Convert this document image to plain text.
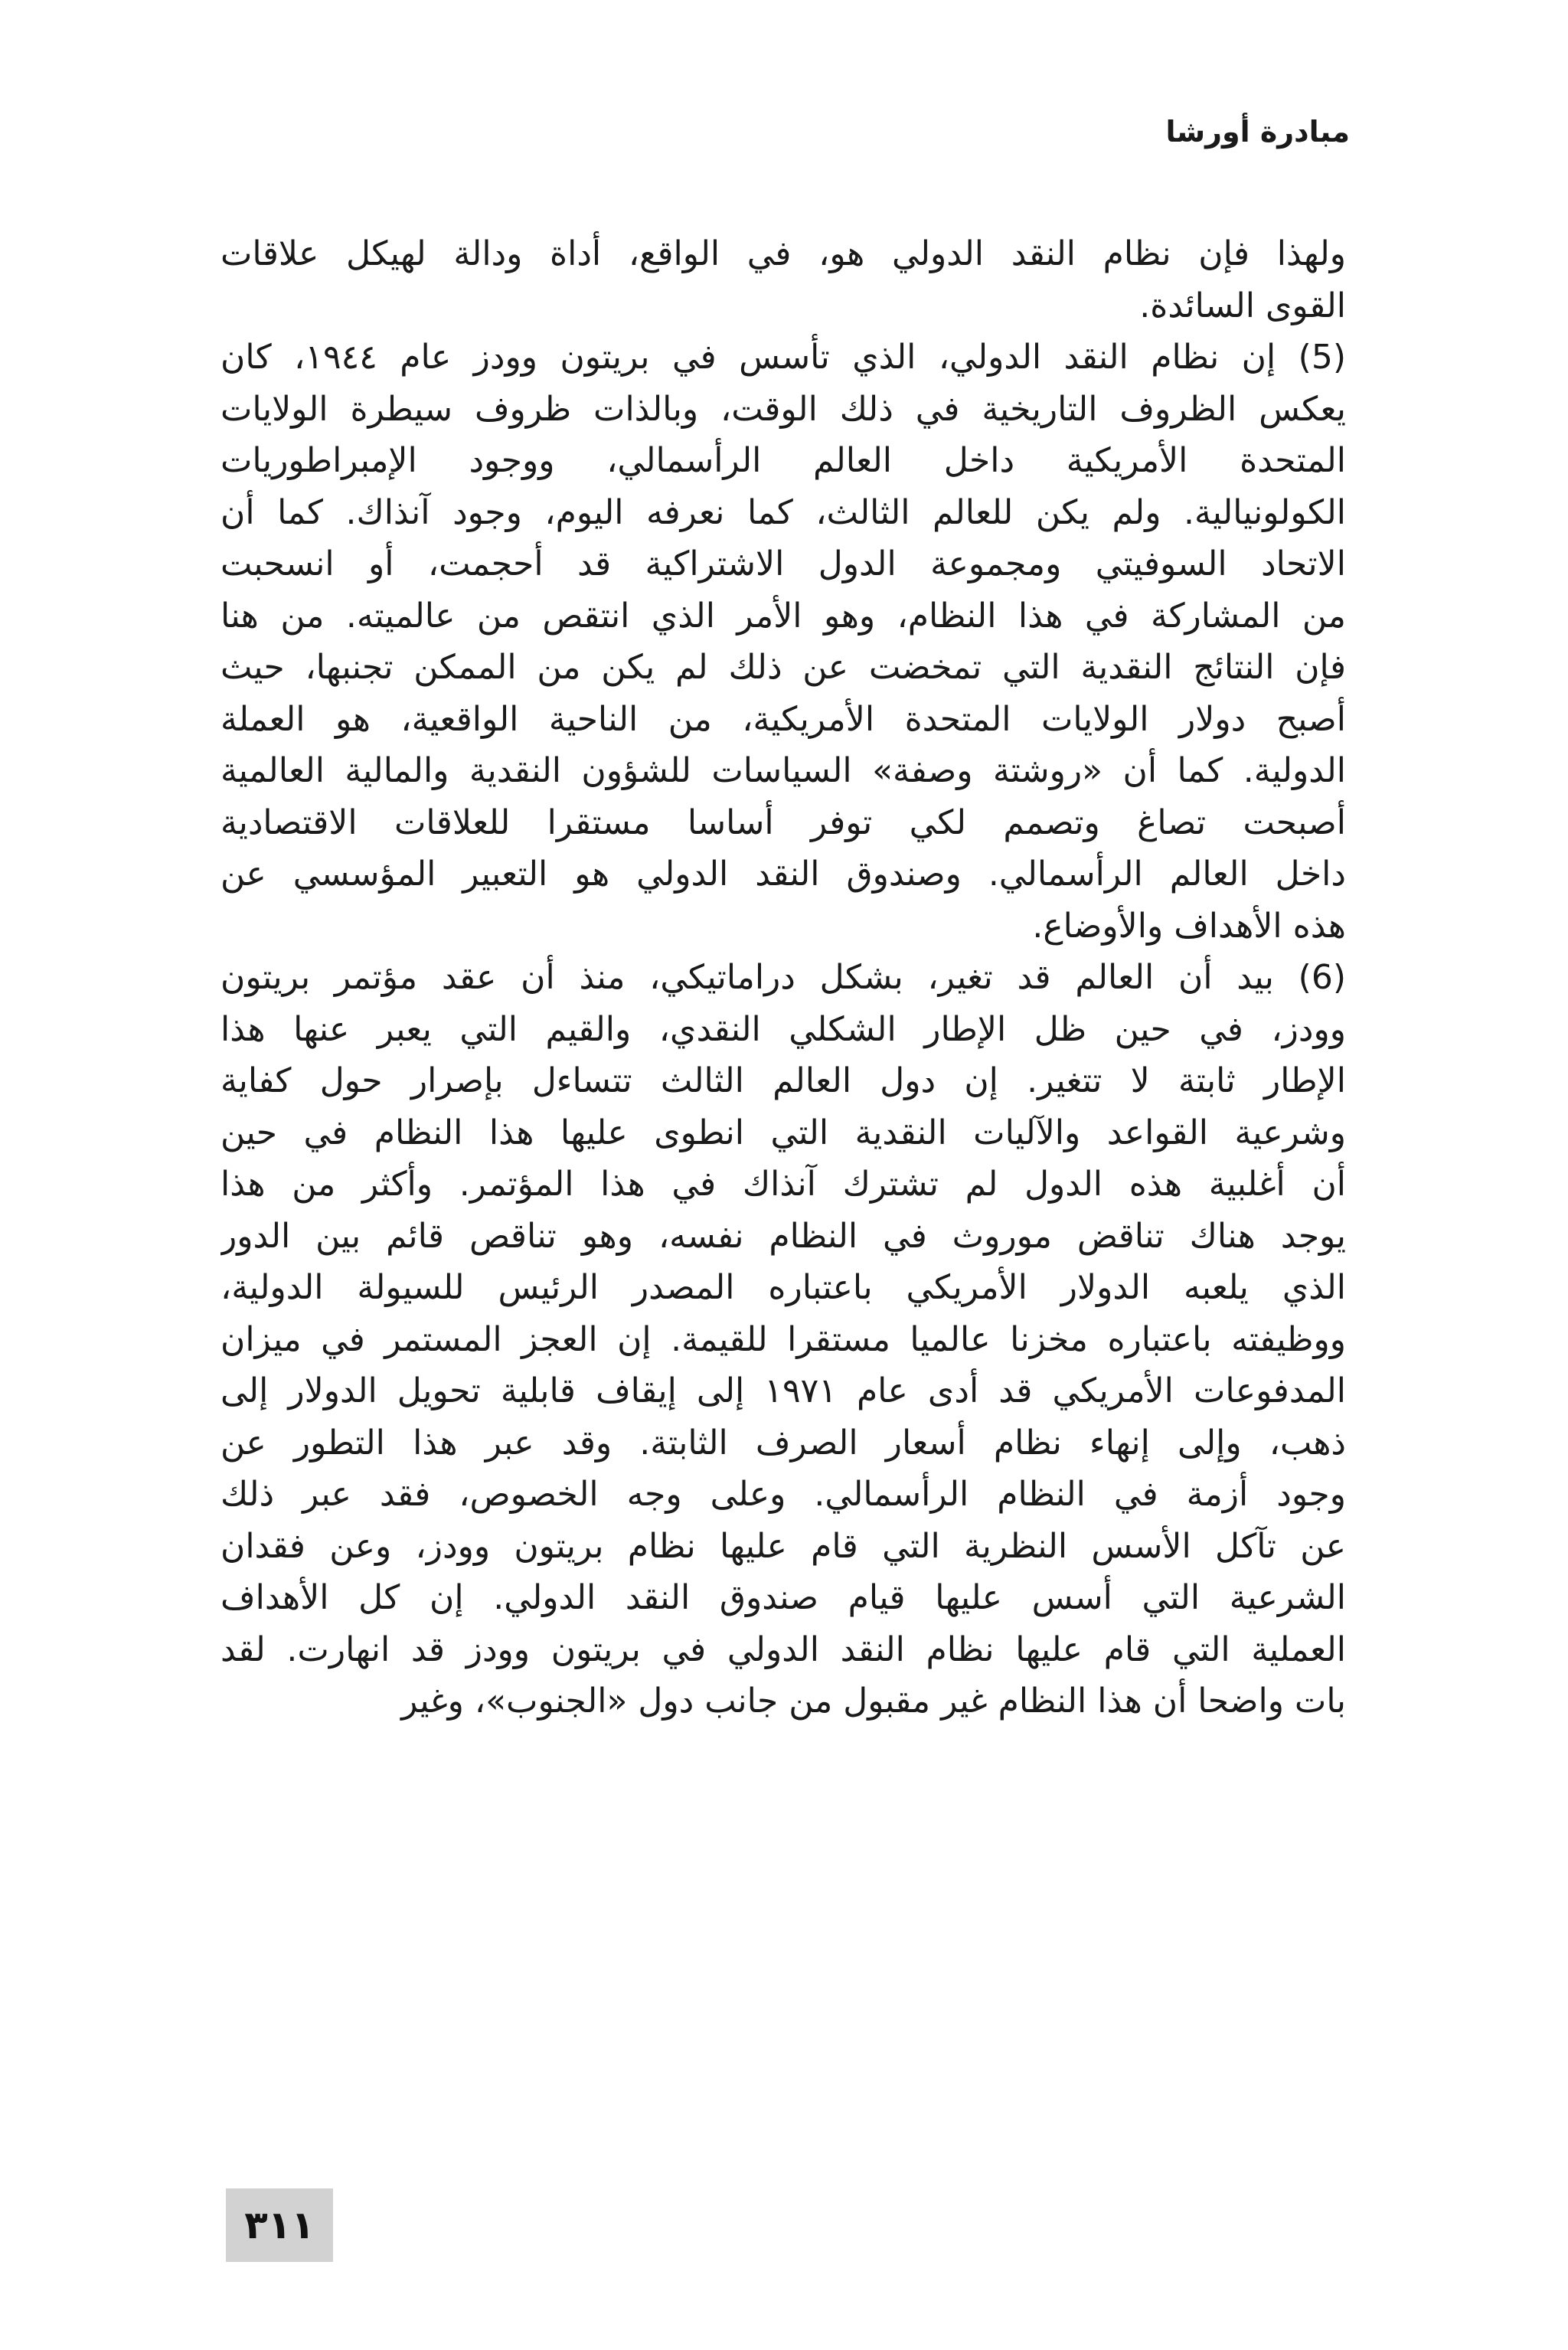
مبادرة أورشا
ولهذا فإن نظام النقد الدولي هو، في الواقع، أداة ودالة لهيكل علاقات
القوى السائدة.
(5) إن نظام النقد الدولي، الذي تأسس في بريتون وودز عام ١٩٤٤، كان
يعكس الظروف التاريخية في ذلك الوقت، وبالذات ظروف سيطرة الولايات
المتحدة الأمريكية داخل العالم الرأسمالي، ووجود الإمبراطوريات
الكولونيالية. ولم يكن للعالم الثالث، كما نعرفه اليوم، وجود آنذاك. كما أن
الاتحاد السوفيتي ومجموعة الدول الاشتراكية قد أحجمت، أو انسحبت
من المشاركة في هذا النظام، وهو الأمر الذي انتقص من عالميته. من هنا
فإن النتائج النقدية التي تمخضت عن ذلك لم يكن من الممكن تجنبها، حيث
أصبح دولار الولايات المتحدة الأمريكية، من الناحية الواقعية، هو العملة
الدولية. كما أن «روشتة وصفة» السياسات للشؤون النقدية والمالية العالمية
أصبحت تصاغ وتصمم لكي توفر أساسا مستقرا للعلاقات الاقتصادية
داخل العالم الرأسمالي. وصندوق النقد الدولي هو التعبير المؤسسي عن
هذه الأهداف والأوضاع.
(6) بيد أن العالم قد تغير، بشكل دراماتيكي، منذ أن عقد مؤتمر بريتون
وودز، في حين ظل الإطار الشكلي النقدي، والقيم التي يعبر عنها هذا
الإطار ثابتة لا تتغير. إن دول العالم الثالث تتساءل بإصرار حول كفاية
وشرعية القواعد والآليات النقدية التي انطوى عليها هذا النظام في حين
أن أغلبية هذه الدول لم تشترك آنذاك في هذا المؤتمر. وأكثر من هذا
يوجد هناك تناقض موروث في النظام نفسه، وهو تناقص قائم بين الدور
الذي يلعبه الدولار الأمريكي باعتباره المصدر الرئيس للسيولة الدولية،
ووظيفته باعتباره مخزنا عالميا مستقرا للقيمة. إن العجز المستمر في ميزان
المدفوعات الأمريكي قد أدى عام ١٩٧١ إلى إيقاف قابلية تحويل الدولار إلى
ذهب، وإلى إنهاء نظام أسعار الصرف الثابتة. وقد عبر هذا التطور عن
وجود أزمة في النظام الرأسمالي. وعلى وجه الخصوص، فقد عبر ذلك
عن تآكل الأسس النظرية التي قام عليها نظام بريتون وودز، وعن فقدان
الشرعية التي أسس عليها قيام صندوق النقد الدولي. إن كل الأهداف
العملية التي قام عليها نظام النقد الدولي في بريتون وودز قد انهارت. لقد
بات واضحا أن هذا النظام غير مقبول من جانب دول «الجنوب»، وغير
٣١١
